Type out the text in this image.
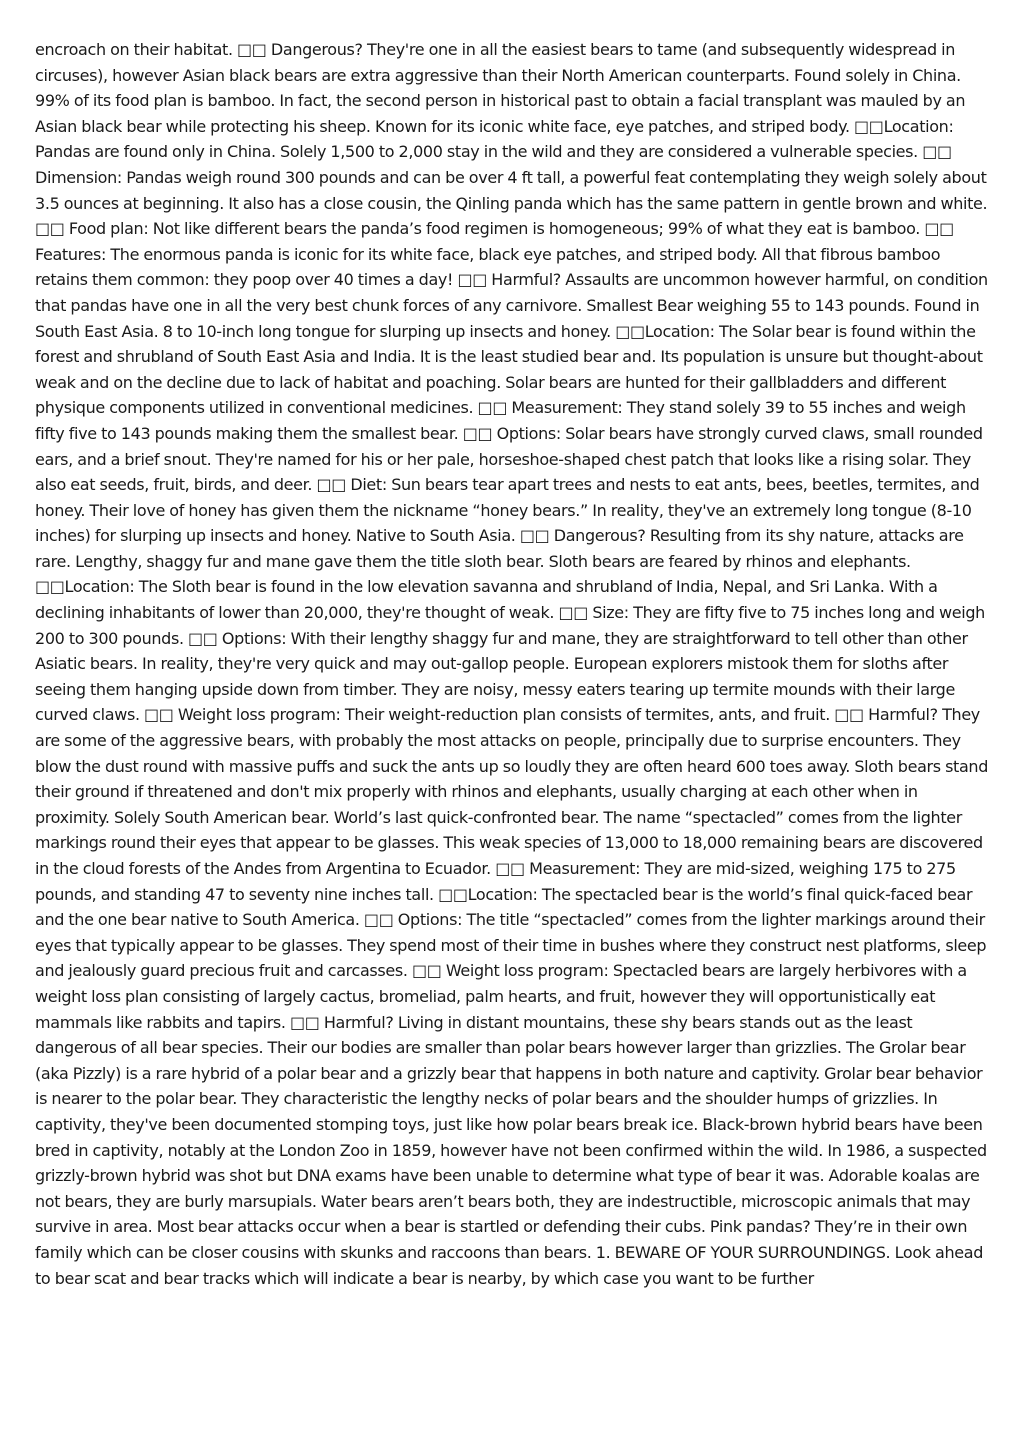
encroach on their habitat. □□ Dangerous? They're one in all the easiest bears to tame (and subsequently widespread in circuses), however Asian black bears are extra aggressive than their North American counterparts. Found solely in China. 99% of its food plan is bamboo. In fact, the second person in historical past to obtain a facial transplant was mauled by an Asian black bear while protecting his sheep. Known for its iconic white face, eye patches, and striped body. □□Location: Pandas are found only in China. Solely 1,500 to 2,000 stay in the wild and they are considered a vulnerable species. □□ Dimension: Pandas weigh round 300 pounds and can be over 4 ft tall, a powerful feat contemplating they weigh solely about 3.5 ounces at beginning. It also has a close cousin, the Qinling panda which has the same pattern in gentle brown and white. □□ Food plan: Not like different bears the panda’s food regimen is homogeneous; 99% of what they eat is bamboo. □□ Features: The enormous panda is iconic for its white face, black eye patches, and striped body. All that fibrous bamboo retains them common: they poop over 40 times a day! □□ Harmful? Assaults are uncommon however harmful, on condition that pandas have one in all the very best chunk forces of any carnivore. Smallest Bear weighing 55 to 143 pounds. Found in South East Asia. 8 to 10-inch long tongue for slurping up insects and honey. □□Location: The Solar bear is found within the forest and shrubland of South East Asia and India. It is the least studied bear and. Its population is unsure but thought-about weak and on the decline due to lack of habitat and poaching. Solar bears are hunted for their gallbladders and different physique components utilized in conventional medicines. □□ Measurement: They stand solely 39 to 55 inches and weigh fifty five to 143 pounds making them the smallest bear. □□ Options: Solar bears have strongly curved claws, small rounded ears, and a brief snout. They're named for his or her pale, horseshoe-shaped chest patch that looks like a rising solar. They also eat seeds, fruit, birds, and deer. □□ Diet: Sun bears tear apart trees and nests to eat ants, bees, beetles, termites, and honey. Their love of honey has given them the nickname “honey bears.” In reality, they've an extremely long tongue (8-10 inches) for slurping up insects and honey. Native to South Asia. □□ Dangerous? Resulting from its shy nature, attacks are rare. Lengthy, shaggy fur and mane gave them the title sloth bear. Sloth bears are feared by rhinos and elephants. □□Location: The Sloth bear is found in the low elevation savanna and shrubland of India, Nepal, and Sri Lanka. With a declining inhabitants of lower than 20,000, they're thought of weak. □□ Size: They are fifty five to 75 inches long and weigh 200 to 300 pounds. □□ Options: With their lengthy shaggy fur and mane, they are straightforward to tell other than other Asiatic bears. In reality, they're very quick and may out-gallop people. European explorers mistook them for sloths after seeing them hanging upside down from timber. They are noisy, messy eaters tearing up termite mounds with their large curved claws. □□ Weight loss program: Their weight-reduction plan consists of termites, ants, and fruit. □□ Harmful? They are some of the aggressive bears, with probably the most attacks on people, principally due to surprise encounters. They blow the dust round with massive puffs and suck the ants up so loudly they are often heard 600 toes away. Sloth bears stand their ground if threatened and don't mix properly with rhinos and elephants, usually charging at each other when in proximity. Solely South American bear. World’s last quick-confronted bear. The name “spectacled” comes from the lighter markings round their eyes that appear to be glasses. This weak species of 13,000 to 18,000 remaining bears are discovered in the cloud forests of the Andes from Argentina to Ecuador. □□ Measurement: They are mid-sized, weighing 175 to 275 pounds, and standing 47 to seventy nine inches tall. □□Location: The spectacled bear is the world’s final quick-faced bear and the one bear native to South America. □□ Options: The title “spectacled” comes from the lighter markings around their eyes that typically appear to be glasses. They spend most of their time in bushes where they construct nest platforms, sleep and jealously guard precious fruit and carcasses. □□ Weight loss program: Spectacled bears are largely herbivores with a weight loss plan consisting of largely cactus, bromeliad, palm hearts, and fruit, however they will opportunistically eat mammals like rabbits and tapirs. □□ Harmful? Living in distant mountains, these shy bears stands out as the least dangerous of all bear species. Their our bodies are smaller than polar bears however larger than grizzlies. The Grolar bear (aka Pizzly) is a rare hybrid of a polar bear and a grizzly bear that happens in both nature and captivity. Grolar bear behavior is nearer to the polar bear. They characteristic the lengthy necks of polar bears and the shoulder humps of grizzlies. In captivity, they've been documented stomping toys, just like how polar bears break ice. Black-brown hybrid bears have been bred in captivity, notably at the London Zoo in 1859, however have not been confirmed within the wild. In 1986, a suspected grizzly-brown hybrid was shot but DNA exams have been unable to determine what type of bear it was. Adorable koalas are not bears, they are burly marsupials. Water bears aren’t bears both, they are indestructible, microscopic animals that may survive in area. Most bear attacks occur when a bear is startled or defending their cubs. Pink pandas? They’re in their own family which can be closer cousins with skunks and raccoons than bears. 1. BEWARE OF YOUR SURROUNDINGS. Look ahead to bear scat and bear tracks which will indicate a bear is nearby, by which case you want to be further
